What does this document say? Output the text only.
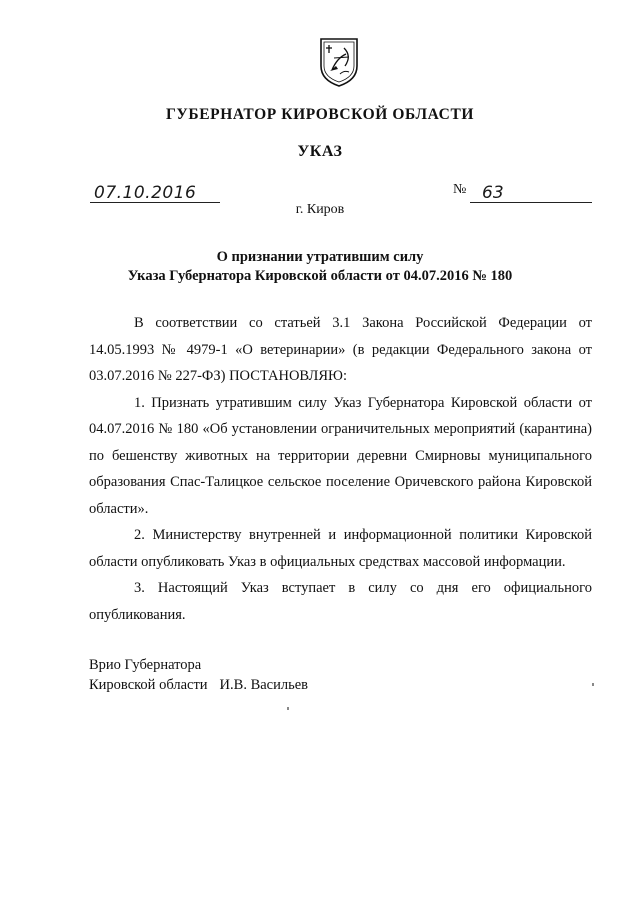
ГУБЕРНАТОР КИРОВСКОЙ ОБЛАСТИ
УКАЗ
07.10.2016	№ 63
г. Киров
О признании утратившим силу
Указа Губернатора Кировской области от 04.07.2016 № 180

В соответствии со статьей 3.1 Закона Российской Федерации от 14.05.1993 № 4979-1 «О ветеринарии» (в редакции Федерального закона от 03.07.2016 № 227-ФЗ) ПОСТАНОВЛЯЮ:

1. Признать утратившим силу Указ Губернатора Кировской области от 04.07.2016 № 180 «Об установлении ограничительных мероприятий (карантина) по бешенству животных на территории деревни Смирновы муниципального образования Спас-Талицкое сельское поселение Оричевского района Кировской области».

2. Министерству внутренней и информационной политики Кировской области опубликовать Указ в официальных средствах массовой информации.

3. Настоящий Указ вступает в силу со дня его официального опубликования.

Врио Губернатора
Кировской области И.В. Васильев
